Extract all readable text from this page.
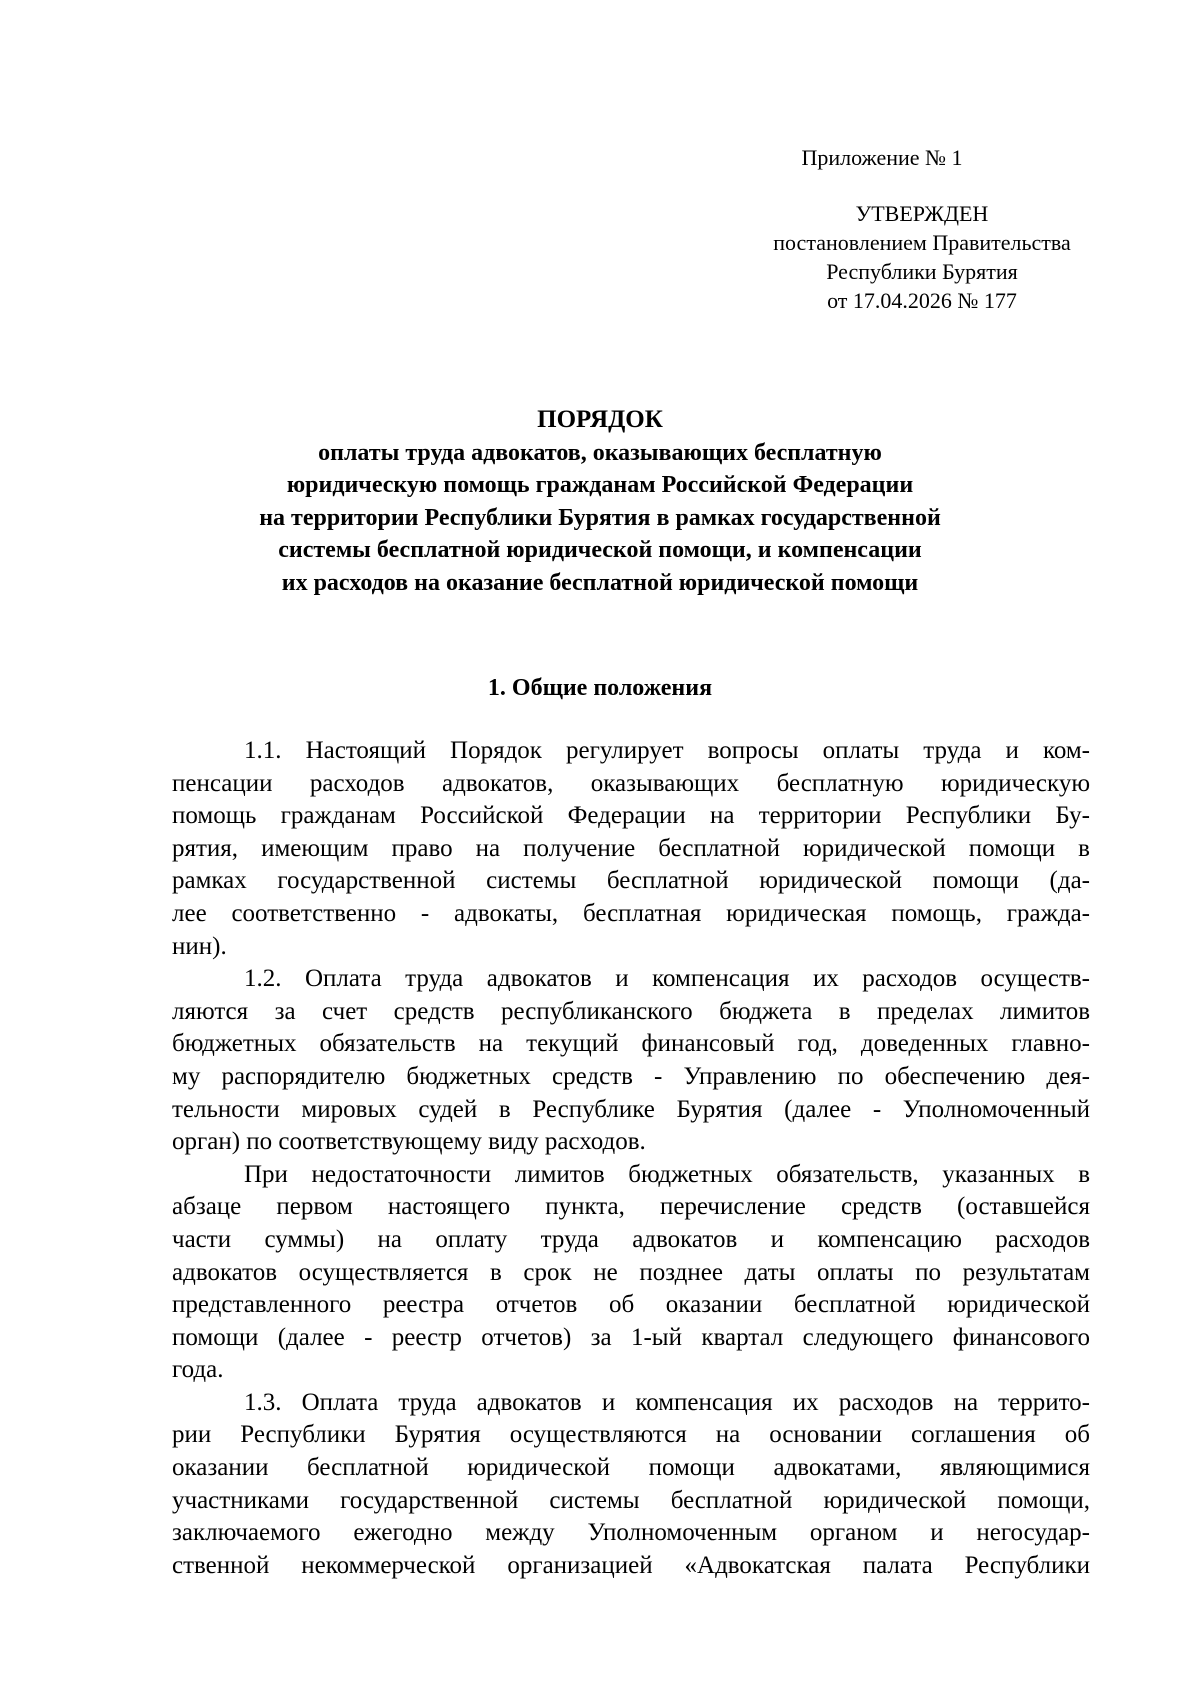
Приложение № 1
УТВЕРЖДЕН
постановлением Правительства
Республики Бурятия
от 17.04.2026 № 177
ПОРЯДОК
оплаты труда адвокатов, оказывающих бесплатную
юридическую помощь гражданам Российской Федерации
на территории Республики Бурятия в рамках государственной
системы бесплатной юридической помощи, и компенсации
их расходов на оказание бесплатной юридической помощи
1. Общие положения
1.1. Настоящий Порядок регулирует вопросы оплаты труда и ком-
пенсации расходов адвокатов, оказывающих бесплатную юридическую
помощь гражданам Российской Федерации на территории Республики Бу-
рятия, имеющим право на получение бесплатной юридической помощи в
рамках государственной системы бесплатной юридической помощи (да-
лее соответственно - адвокаты, бесплатная юридическая помощь, гражда-
нин).
1.2. Оплата труда адвокатов и компенсация их расходов осуществ-
ляются за счет средств республиканского бюджета в пределах лимитов
бюджетных обязательств на текущий финансовый год, доведенных главно-
му распорядителю бюджетных средств - Управлению по обеспечению дея-
тельности мировых судей в Республике Бурятия (далее - Уполномоченный
орган) по соответствующему виду расходов.
При недостаточности лимитов бюджетных обязательств, указанных в
абзаце первом настоящего пункта, перечисление средств (оставшейся
части суммы) на оплату труда адвокатов и компенсацию расходов
адвокатов осуществляется в срок не позднее даты оплаты по результатам
представленного реестра отчетов об оказании бесплатной юридической
помощи (далее - реестр отчетов) за 1-ый квартал следующего финансового
года.
1.3. Оплата труда адвокатов и компенсация их расходов на террито-
рии Республики Бурятия осуществляются на основании соглашения об
оказании бесплатной юридической помощи адвокатами, являющимися
участниками государственной системы бесплатной юридической помощи,
заключаемого ежегодно между Уполномоченным органом и негосудар-
ственной некоммерческой организацией «Адвокатская палата Республики
